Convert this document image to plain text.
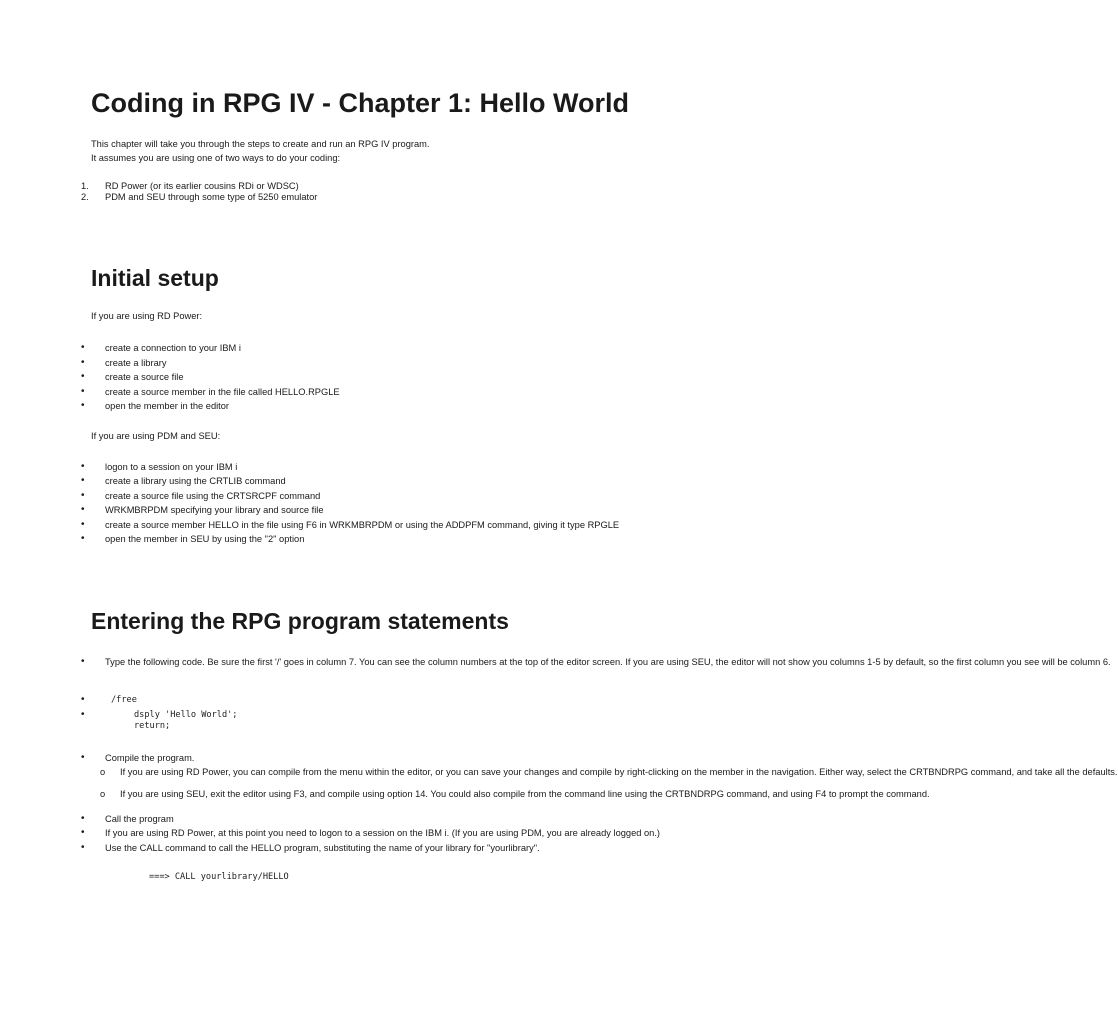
Coding in RPG IV - Chapter 1: Hello World
This chapter will take you through the steps to create and run an RPG IV program.
It assumes you are using one of two ways to do your coding:
1. RD Power (or its earlier cousins RDi or WDSC)
2. PDM and SEU through some type of 5250 emulator
Initial setup
If you are using RD Power:
• create a connection to your IBM i
• create a library
• create a source file
• create a source member in the file called HELLO.RPGLE
• open the member in the editor
If you are using PDM and SEU:
• logon to a session on your IBM i
• create a library using the CRTLIB command
• create a source file using the CRTSRCPF command
• WRKMBRPDM specifying your library and source file
• create a source member HELLO in the file using F6 in WRKMBRPDM or using the ADDPFM command, giving it type RPGLE
• open the member in SEU by using the "2" option
Entering the RPG program statements
• Type the following code. Be sure the first '/' goes in column 7. You can see the column numbers at the top of the editor screen. If you are using SEU, the editor will not show you columns 1-5 by default, so the first column you see will be column 6.
•	/free
•	dsply 'Hello World';
return;
• Compile the program.
o If you are using RD Power, you can compile from the menu within the editor, or you can save your changes and compile by right-clicking on the member in the navigation. Either way, select the CRTBNDRPG command, and take all the defaults.
o If you are using SEU, exit the editor using F3, and compile using option 14. You could also compile from the command line using the CRTBNDRPG command, and using F4 to prompt the command.
• Call the program
• If you are using RD Power, at this point you need to logon to a session on the IBM i. (If you are using PDM, you are already logged on.)
• Use the CALL command to call the HELLO program, substituting the name of your library for "yourlibrary".
===> CALL yourlibrary/HELLO
